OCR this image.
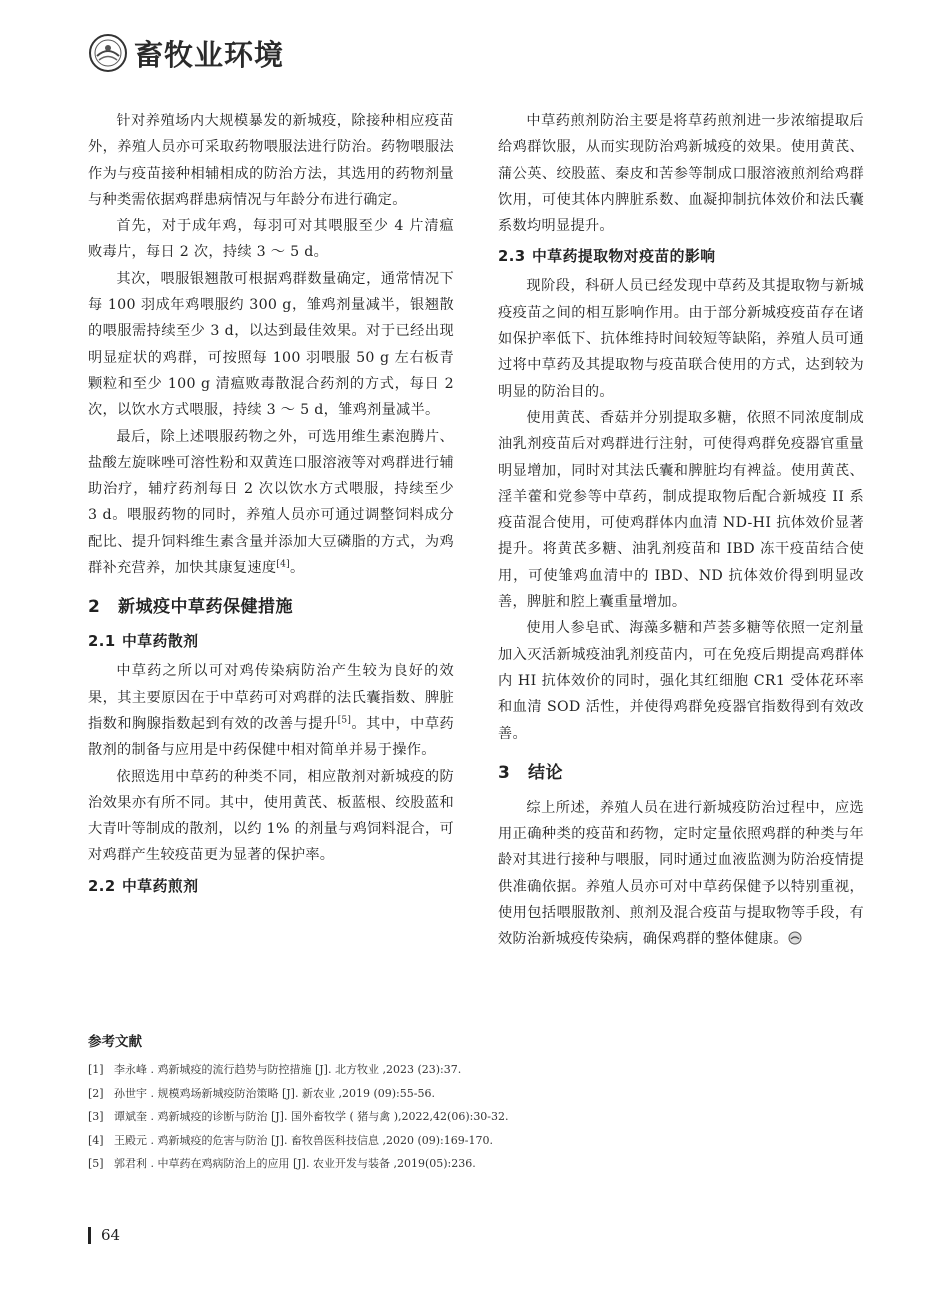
畜牧业环境

针对养殖场内大规模暴发的新城疫，除接种相应疫苗外，养殖人员亦可采取药物喂服法进行防治。药物喂服法作为与疫苗接种相辅相成的防治方法，其选用的药物剂量与种类需依据鸡群患病情况与年龄分布进行确定。

首先，对于成年鸡，每羽可对其喂服至少 4 片清瘟败毒片，每日 2 次，持续 3 ～ 5 d。

其次，喂服银翘散可根据鸡群数量确定，通常情况下每 100 羽成年鸡喂服约 300 g，雏鸡剂量减半，银翘散的喂服需持续至少 3 d，以达到最佳效果。对于已经出现明显症状的鸡群，可按照每 100 羽喂服 50 g 左右板青颗粒和至少 100 g 清瘟败毒散混合药剂的方式，每日 2 次，以饮水方式喂服，持续 3 ～ 5 d，雏鸡剂量减半。

最后，除上述喂服药物之外，可选用维生素泡腾片、盐酸左旋咪唑可溶性粉和双黄连口服溶液等对鸡群进行辅助治疗，辅疗药剂每日 2 次以饮水方式喂服，持续至少 3 d。喂服药物的同时，养殖人员亦可通过调整饲料成分配比、提升饲料维生素含量并添加大豆磷脂的方式，为鸡群补充营养，加快其康复速度[4]。

2 新城疫中草药保健措施
2.1 中草药散剂

中草药之所以可对鸡传染病防治产生较为良好的效果，其主要原因在于中草药可对鸡群的法氏囊指数、脾脏指数和胸腺指数起到有效的改善与提升[5]。其中，中草药散剂的制备与应用是中药保健中相对简单并易于操作。

依照选用中草药的种类不同，相应散剂对新城疫的防治效果亦有所不同。其中，使用黄芪、板蓝根、绞股蓝和大青叶等制成的散剂，以约 1% 的剂量与鸡饲料混合，可对鸡群产生较疫苗更为显著的保护率。

2.2 中草药煎剂

中草药煎剂防治主要是将草药煎剂进一步浓缩提取后给鸡群饮服，从而实现防治鸡新城疫的效果。使用黄芪、蒲公英、绞股蓝、秦皮和苦参等制成口服溶液煎剂给鸡群饮用，可使其体内脾脏系数、血凝抑制抗体效价和法氏囊系数均明显提升。

2.3 中草药提取物对疫苗的影响

现阶段，科研人员已经发现中草药及其提取物与新城疫疫苗之间的相互影响作用。由于部分新城疫疫苗存在诸如保护率低下、抗体维持时间较短等缺陷，养殖人员可通过将中草药及其提取物与疫苗联合使用的方式，达到较为明显的防治目的。

使用黄芪、香菇并分别提取多糖，依照不同浓度制成油乳剂疫苗后对鸡群进行注射，可使得鸡群免疫器官重量明显增加，同时对其法氏囊和脾脏均有裨益。使用黄芪、淫羊藿和党参等中草药，制成提取物后配合新城疫 II 系疫苗混合使用，可使鸡群体内血清 ND-HI 抗体效价显著提升。将黄芪多糖、油乳剂疫苗和 IBD 冻干疫苗结合使用，可使雏鸡血清中的 IBD、ND 抗体效价得到明显改善，脾脏和腔上囊重量增加。

使用人参皂甙、海藻多糖和芦荟多糖等依照一定剂量加入灭活新城疫油乳剂疫苗内，可在免疫后期提高鸡群体内 HI 抗体效价的同时，强化其红细胞 CR1 受体花环率和血清 SOD 活性，并使得鸡群免疫器官指数得到有效改善。

3 结论

综上所述，养殖人员在进行新城疫防治过程中，应选用正确种类的疫苗和药物，定时定量依照鸡群的种类与年龄对其进行接种与喂服，同时通过血液监测为防治疫情提供准确依据。养殖人员亦可对中草药保健予以特别重视，使用包括喂服散剂、煎剂及混合疫苗与提取物等手段，有效防治新城疫传染病，确保鸡群的整体健康。

参考文献
[1] 李永峰 . 鸡新城疫的流行趋势与防控措施 [J]. 北方牧业 ,2023 (23):37.
[2] 孙世宇 . 规模鸡场新城疫防治策略 [J]. 新农业 ,2019 (09):55-56.
[3] 谭斌奎 . 鸡新城疫的诊断与防治 [J]. 国外畜牧学 ( 猪与禽 ),2022,42(06):30-32.
[4] 王殿元 . 鸡新城疫的危害与防治 [J]. 畜牧兽医科技信息 ,2020 (09):169-170.
[5] 郭君利 . 中草药在鸡病防治上的应用 [J]. 农业开发与装备 ,2019(05):236.
64
